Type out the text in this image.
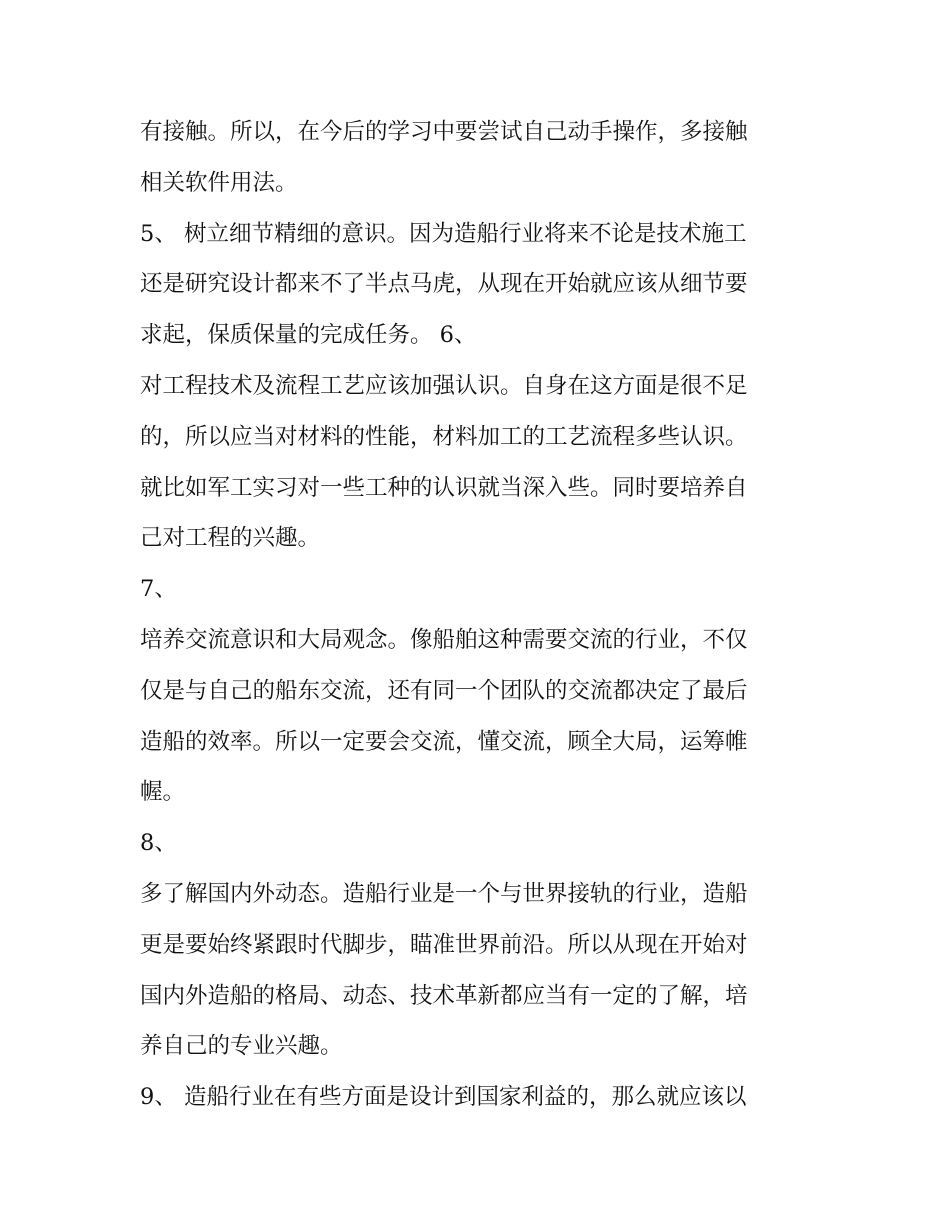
有接触。所以，在今后的学习中要尝试自己动手操作，多接触
相关软件用法。
5、 树立细节精细的意识。因为造船行业将来不论是技术施工
还是研究设计都来不了半点马虎，从现在开始就应该从细节要
求起，保质保量的完成任务。 6、
对工程技术及流程工艺应该加强认识。自身在这方面是很不足
的，所以应当对材料的性能，材料加工的工艺流程多些认识。
就比如军工实习对一些工种的认识就当深入些。同时要培养自
己对工程的兴趣。
7、
培养交流意识和大局观念。像船舶这种需要交流的行业，不仅
仅是与自己的船东交流，还有同一个团队的交流都决定了最后
造船的效率。所以一定要会交流，懂交流，顾全大局，运筹帷
幄。
8、
多了解国内外动态。造船行业是一个与世界接轨的行业，造船
更是要始终紧跟时代脚步，瞄准世界前沿。所以从现在开始对
国内外造船的格局、动态、技术革新都应当有一定的了解，培
养自己的专业兴趣。
9、 造船行业在有些方面是设计到国家利益的，那么就应该以
